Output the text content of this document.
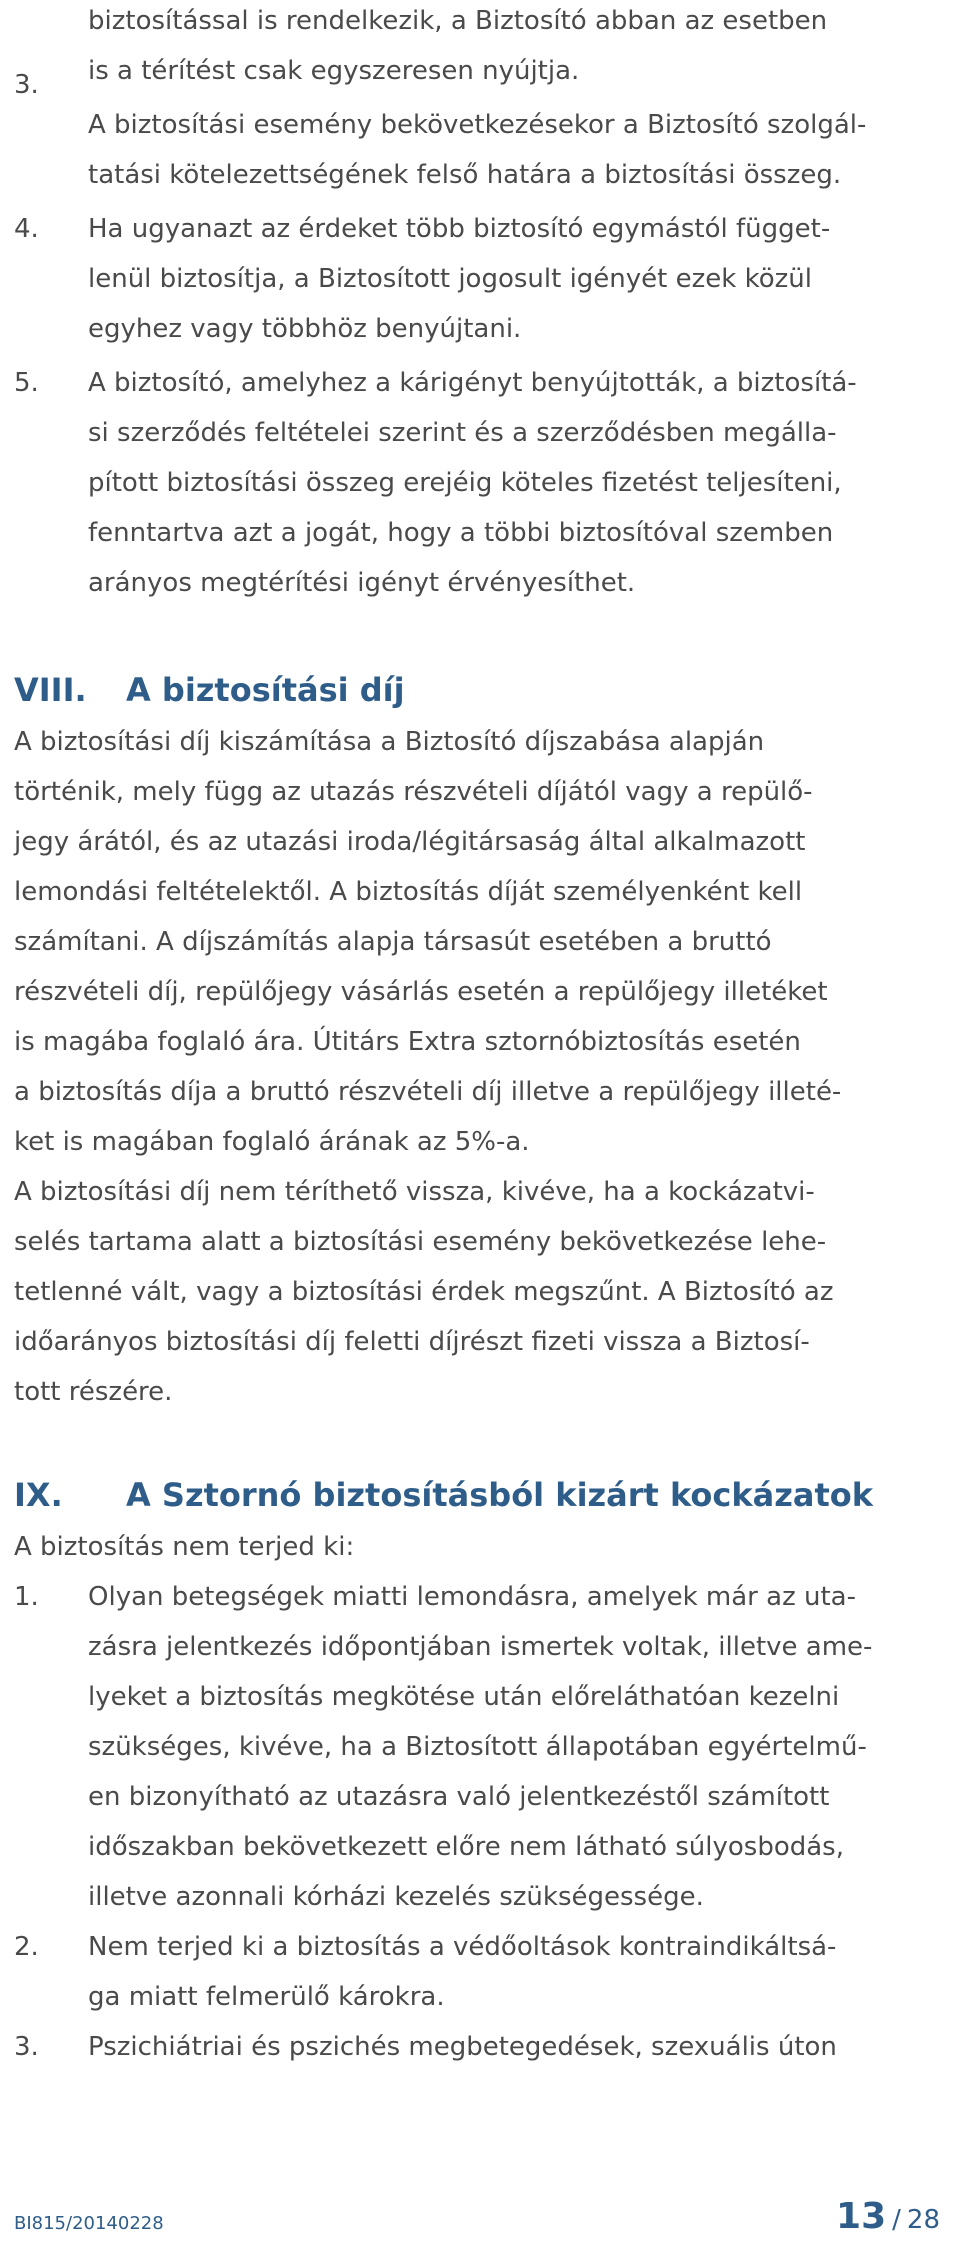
biztosítással is rendelkezik, a Biztosító abban az esetben
is a térítést csak egyszeresen nyújtja.
3.
A biztosítási esemény bekövetkezésekor a Biztosító szolgál-
tatási kötelezettségének felső határa a biztosítási összeg.
4. Ha ugyanazt az érdeket több biztosító egymástól függet-
lenül biztosítja, a Biztosított jogosult igényét ezek közül
egyhez vagy többhöz benyújtani.
5. A biztosító, amelyhez a kárigényt benyújtották, a biztosítá-
si szerződés feltételei szerint és a szerződésben megálla-
pított biztosítási összeg erejéig köteles fizetést teljesíteni,
fenntartva azt a jogát, hogy a többi biztosítóval szemben
arányos megtérítési igényt érvényesíthet.
VIII. A biztosítási díj
A biztosítási díj kiszámítása a Biztosító díjszabása alapján
történik, mely függ az utazás részvételi díjától vagy a repülő-
jegy árától, és az utazási iroda/légitársaság által alkalmazott
lemondási feltételektől. A biztosítás díját személyenként kell
számítani. A díjszámítás alapja társasút esetében a bruttó
részvételi díj, repülőjegy vásárlás esetén a repülőjegy illetéket
is magába foglaló ára. Útitárs Extra sztornóbiztosítás esetén
a biztosítás díja a bruttó részvételi díj illetve a repülőjegy illeté-
ket is magában foglaló árának az 5%-a.
A biztosítási díj nem téríthető vissza, kivéve, ha a kockázatvi-
selés tartama alatt a biztosítási esemény bekövetkezése lehe-
tetlenné vált, vagy a biztosítási érdek megszűnt. A Biztosító az
időarányos biztosítási díj feletti díjrészt fizeti vissza a Biztosí-
tott részére.
IX. A Sztornó biztosításból kizárt kockázatok
A biztosítás nem terjed ki:
1. Olyan betegségek miatti lemondásra, amelyek már az uta-
zásra jelentkezés időpontjában ismertek voltak, illetve ame-
lyeket a biztosítás megkötése után előreláthatóan kezelni
szükséges, kivéve, ha a Biztosított állapotában egyértelmű-
en bizonyítható az utazásra való jelentkezéstől számított
időszakban bekövetkezett előre nem látható súlyosbodás,
illetve azonnali kórházi kezelés szükségessége.
2. Nem terjed ki a biztosítás a védőoltások kontraindikáltsá-
ga miatt felmerülő károkra.
3. Pszichiátriai és pszichés megbetegedések, szexuális úton
BI815/20140228	13 / 28
